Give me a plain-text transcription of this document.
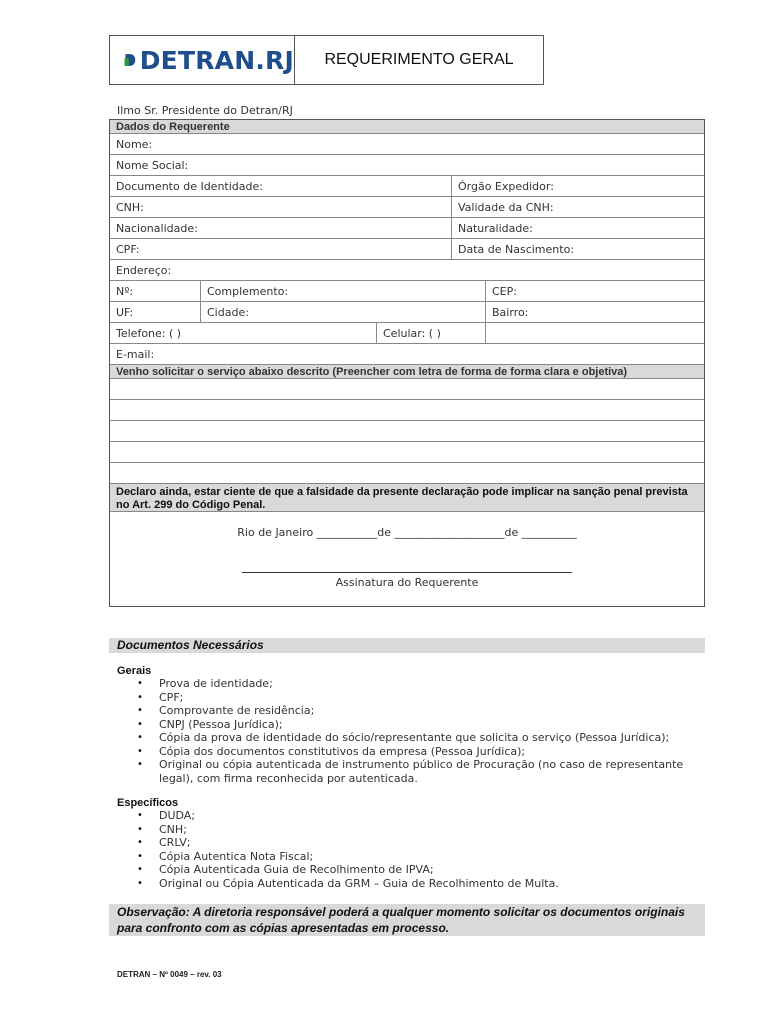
DETRAN.RJ	REQUERIMENTO GERAL
Ilmo Sr. Presidente do Detran/RJ
Dados do Requerente
Nome:
Nome Social:
Documento de Identidade:	Órgão Expedidor:
CNH:	Validade da CNH:
Nacionalidade:	Naturalidade:
CPF:	Data de Nascimento:
Endereço:
Nº:	Complemento:	CEP:
UF:	Cidade:	Bairro:
Telefone: ( )	Celular: ( )
E-mail:
Venho solicitar o serviço abaixo descrito (Preencher com letra de forma de forma clara e objetiva)
Declaro ainda, estar ciente de que a falsidade da presente declaração pode implicar na sanção penal prevista no Art. 299 do Código Penal.
Rio de Janeiro ___________de ____________________de __________
Assinatura do Requerente
Documentos Necessários
Gerais
• Prova de identidade;
• CPF;
• Comprovante de residência;
• CNPJ (Pessoa Jurídica);
• Cópia da prova de identidade do sócio/representante que solicita o serviço (Pessoa Jurídica);
• Cópia dos documentos constitutivos da empresa (Pessoa Jurídica);
• Original ou cópia autenticada de instrumento público de Procuração (no caso de representante legal), com firma reconhecida por autenticada.
Específicos
• DUDA;
• CNH;
• CRLV;
• Cópia Autentica Nota Fiscal;
• Cópia Autenticada Guia de Recolhimento de IPVA;
• Original ou Cópia Autenticada da GRM – Guia de Recolhimento de Multa.
Observação: A diretoria responsável poderá a qualquer momento solicitar os documentos originais para confronto com as cópias apresentadas em processo.
DETRAN – Nº 0049 – rev. 03
